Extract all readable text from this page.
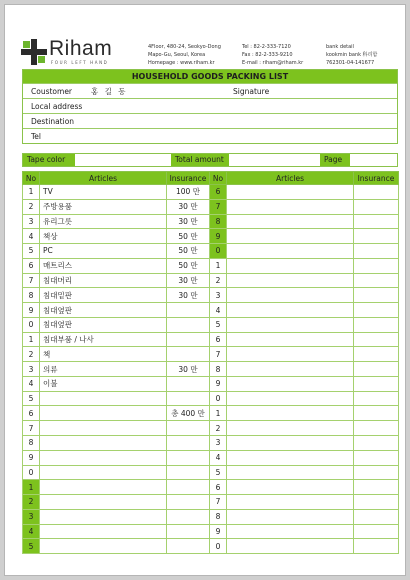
Riham
FOUR LEFT HAND
4Floor, 480-24, Seokyo-Dong
Mapo-Gu, Seoul, Korea
Homepage : www.riham.kr
Tel : 82-2-333-7120
Fax : 82-2-333-9210
E-mail : riham@riham.kr
bank detail
kookmin bank 科리함
762301-04-141677
HOUSEHOLD GOODS PACKING LIST
Coustomer	홍 길 동	Signature
Local address
Destination
Tel
Tape color	Total amount	Page
No	Articles	Insurance	No	Articles	Insurance
1	TV	100 만	6		
2	주방용품	30 만	7		
3	유리그릇	30 만	8		
4	책상	50 만	9		
5	PC	50 만	0		
6	매트리스	50 만	1		
7	침대머리	30 만	2		
8	침대밑판	30 만	3		
9	침대옆판		4		
0	침대옆판		5		
1	침대부품 / 나사		6		
2	책		7		
3	의류	30 만	8		
4	이불		9		
5			0		
6		총 400 만	1		
7			2		
8			3		
9			4		
0			5		
1			6		
2			7		
3			8		
4			9		
5			0		
